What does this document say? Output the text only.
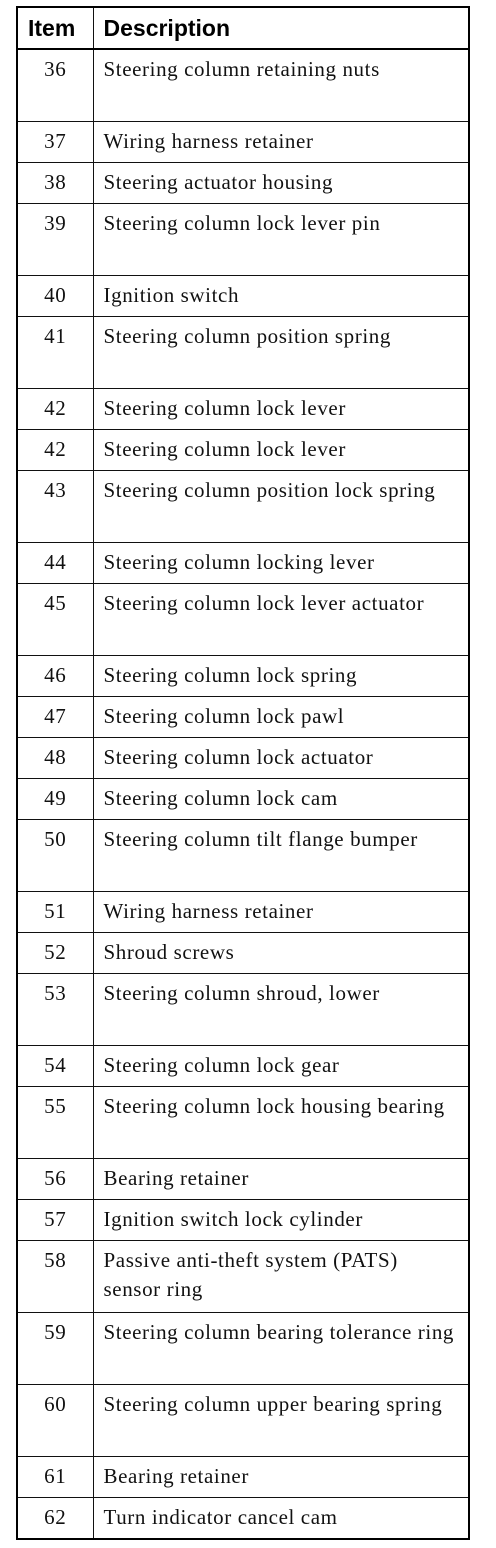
Item	Description
36	Steering column retaining nuts
37	Wiring harness retainer
38	Steering actuator housing
39	Steering column lock lever pin
40	Ignition switch
41	Steering column position spring
42	Steering column lock lever
42	Steering column lock lever
43	Steering column position lock spring
44	Steering column locking lever
45	Steering column lock lever actuator
46	Steering column lock spring
47	Steering column lock pawl
48	Steering column lock actuator
49	Steering column lock cam
50	Steering column tilt flange bumper
51	Wiring harness retainer
52	Shroud screws
53	Steering column shroud, lower
54	Steering column lock gear
55	Steering column lock housing bearing
56	Bearing retainer
57	Ignition switch lock cylinder
58	Passive anti-theft system (PATS) sensor ring
59	Steering column bearing tolerance ring
60	Steering column upper bearing spring
61	Bearing retainer
62	Turn indicator cancel cam
